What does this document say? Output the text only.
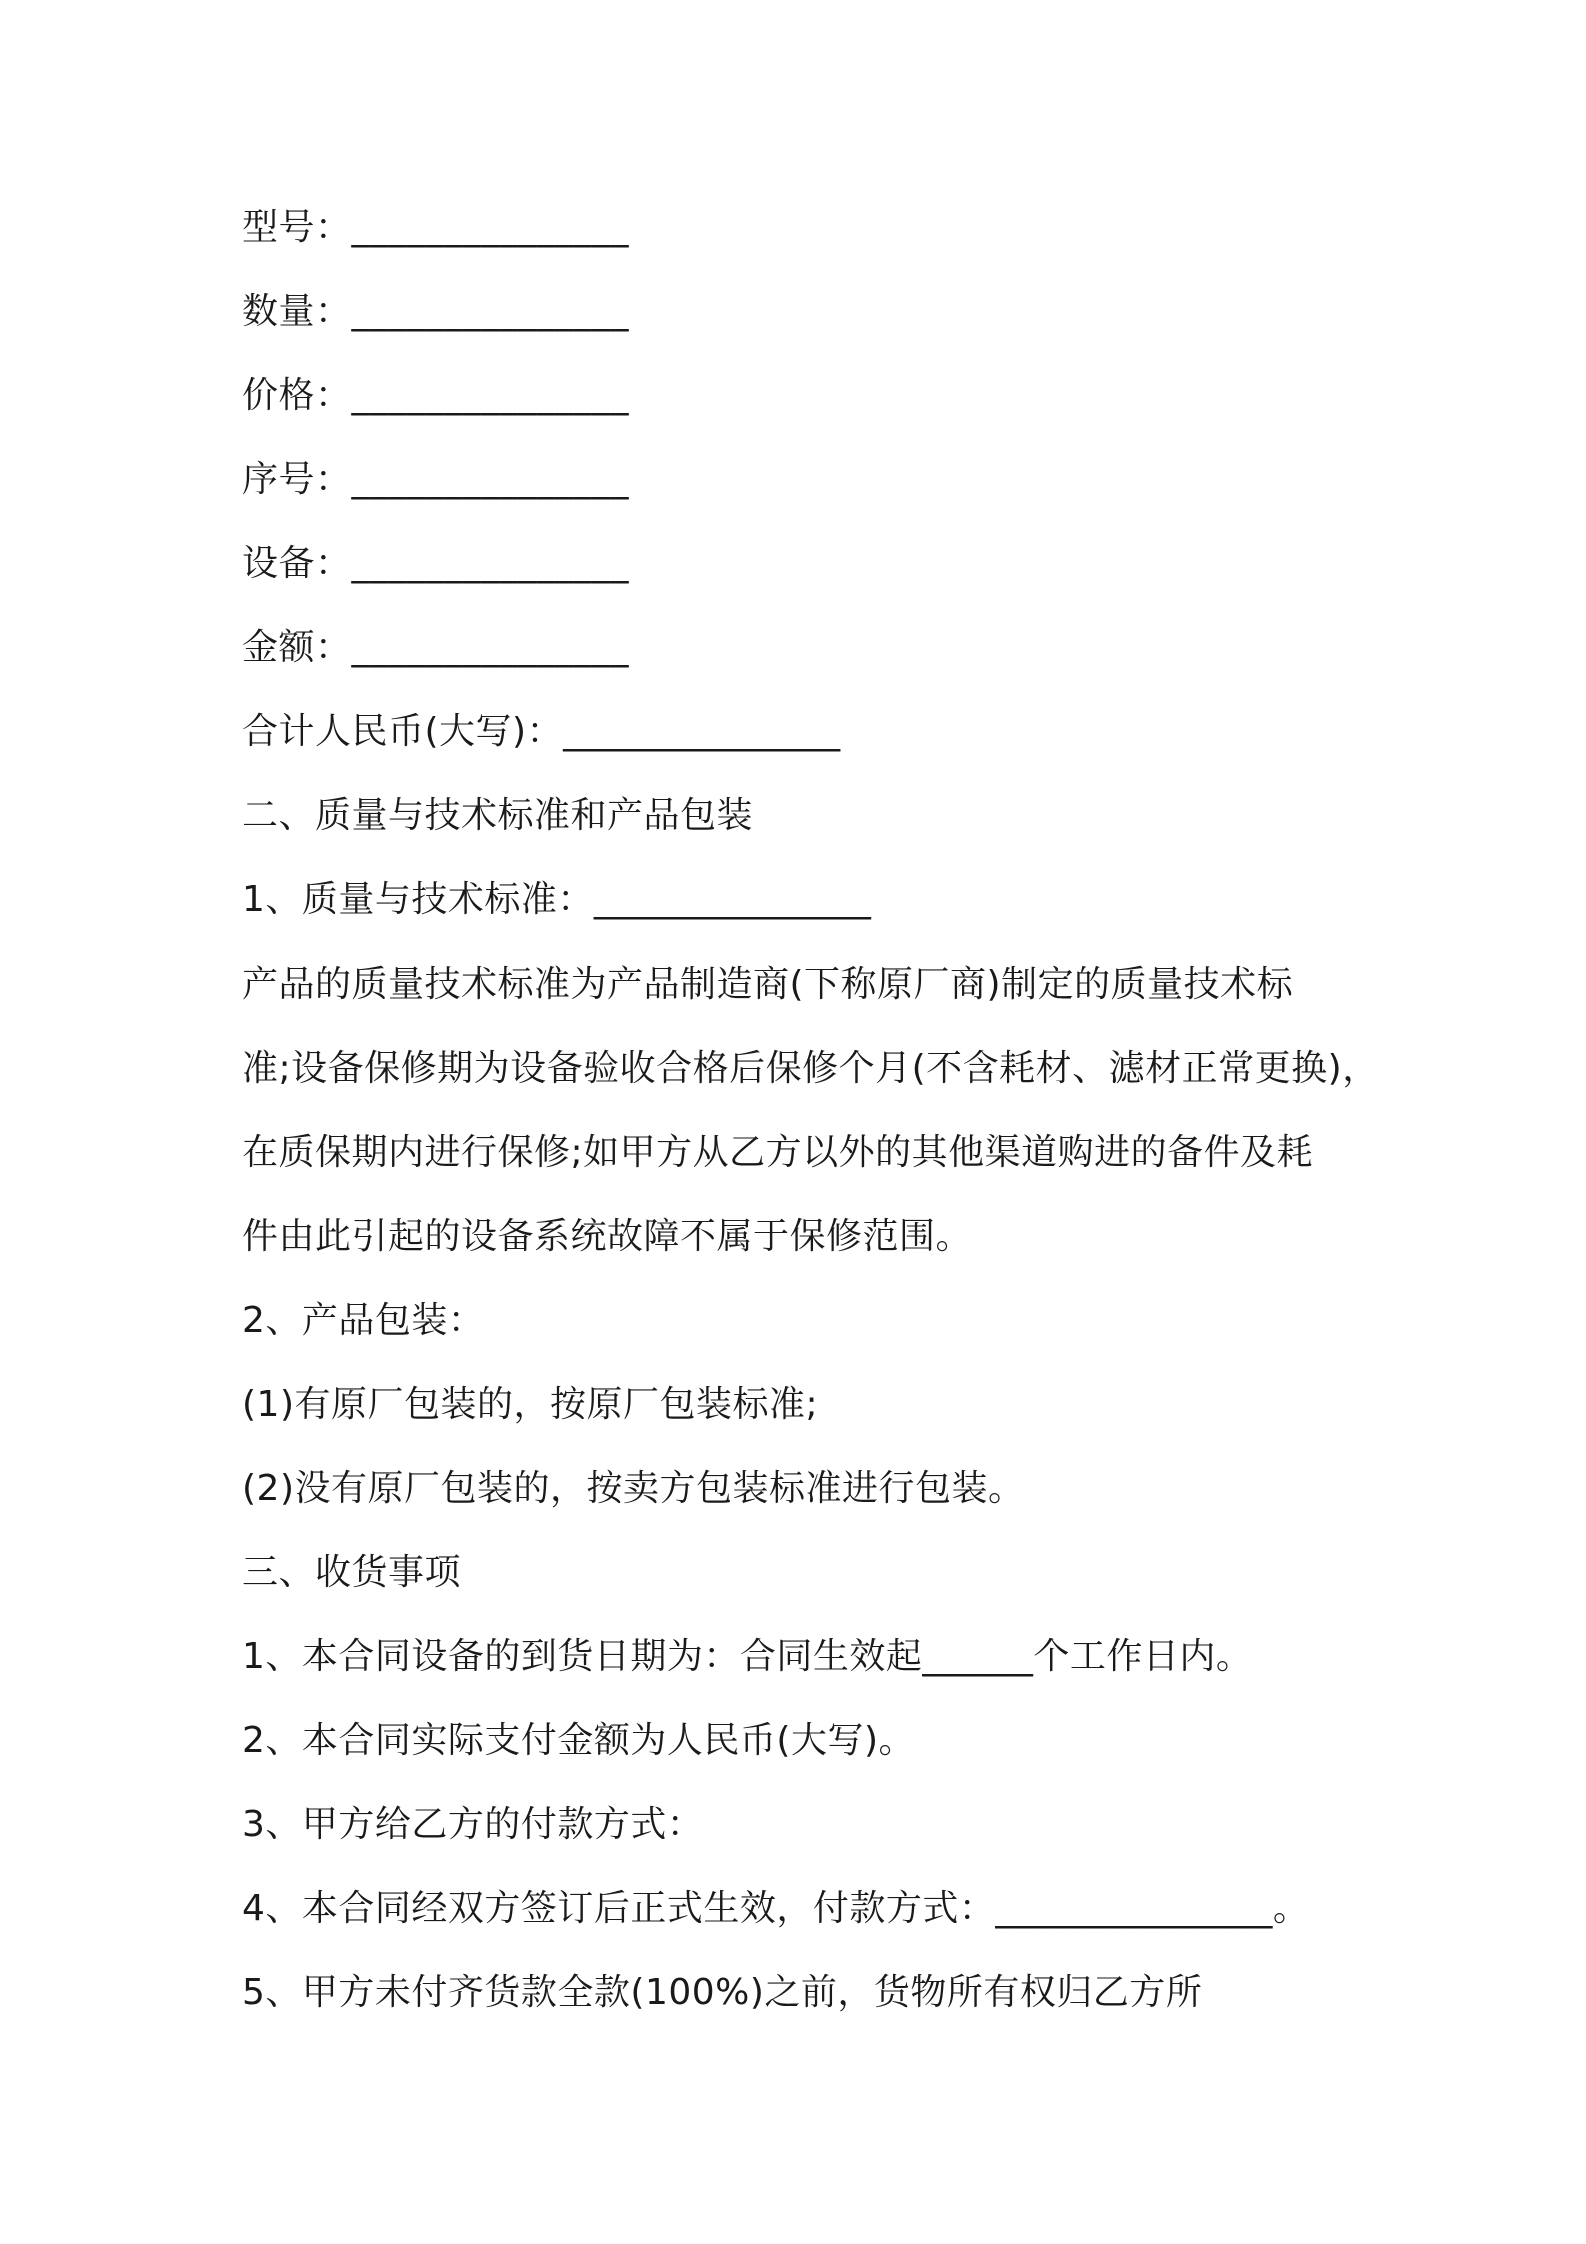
型号：_______________
数量：_______________
价格：_______________
序号：_______________
设备：_______________
金额：_______________
合计人民币(大写)：_______________
二、质量与技术标准和产品包装
1、质量与技术标准：_______________
产品的质量技术标准为产品制造商(下称原厂商)制定的质量技术标
准;设备保修期为设备验收合格后保修个月(不含耗材、滤材正常更换)，
在质保期内进行保修;如甲方从乙方以外的其他渠道购进的备件及耗
件由此引起的设备系统故障不属于保修范围。
2、产品包装：
(1)有原厂包装的，按原厂包装标准;
(2)没有原厂包装的，按卖方包装标准进行包装。
三、收货事项
1、本合同设备的到货日期为：合同生效起______个工作日内。
2、本合同实际支付金额为人民币(大写)。
3、甲方给乙方的付款方式：
4、本合同经双方签订后正式生效，付款方式：_______________。
5、甲方未付齐货款全款(100%)之前，货物所有权归乙方所
